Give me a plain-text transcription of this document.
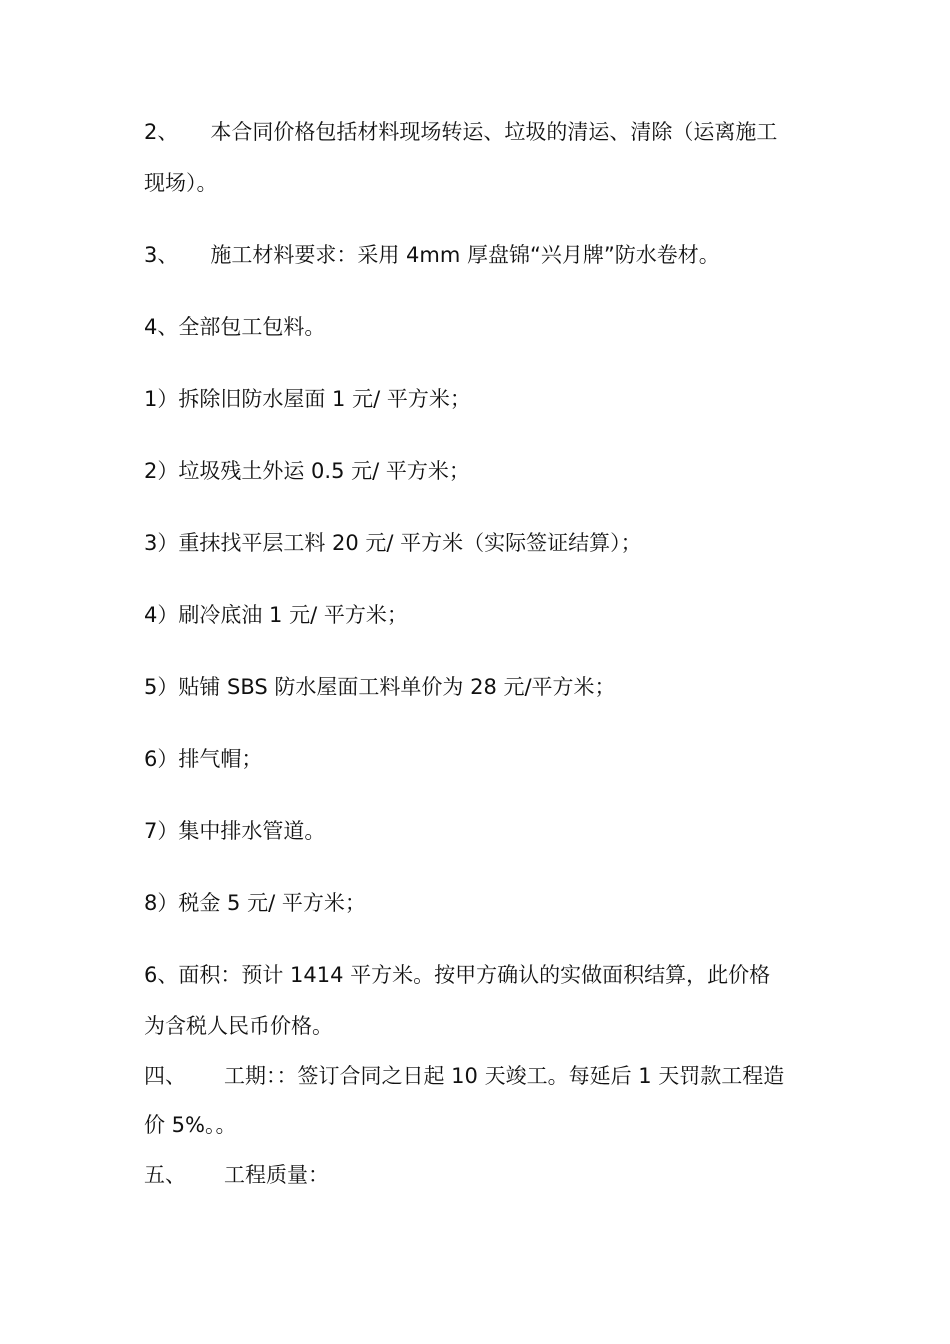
2、 本合同价格包括材料现场转运、垃圾的清运、清除（运离施工
现场）。
3、 施工材料要求：采用 4mm 厚盘锦“兴月牌”防水卷材。
4、全部包工包料。
1）拆除旧防水屋面 1 元/ 平方米；
2）垃圾残土外运 0.5 元/ 平方米；
3）重抹找平层工料 20 元/ 平方米（实际签证结算）；
4）刷冷底油 1 元/ 平方米；
5）贴铺 SBS 防水屋面工料单价为 28 元/平方米；
6）排气帽；
7）集中排水管道。
8）税金 5 元/ 平方米；
6、面积：预计 1414 平方米。按甲方确认的实做面积结算，此价格
为含税人民币价格。
四、 工期：：签订合同之日起 10 天竣工。每延后 1 天罚款工程造
价 5%。。
五、 工程质量：
